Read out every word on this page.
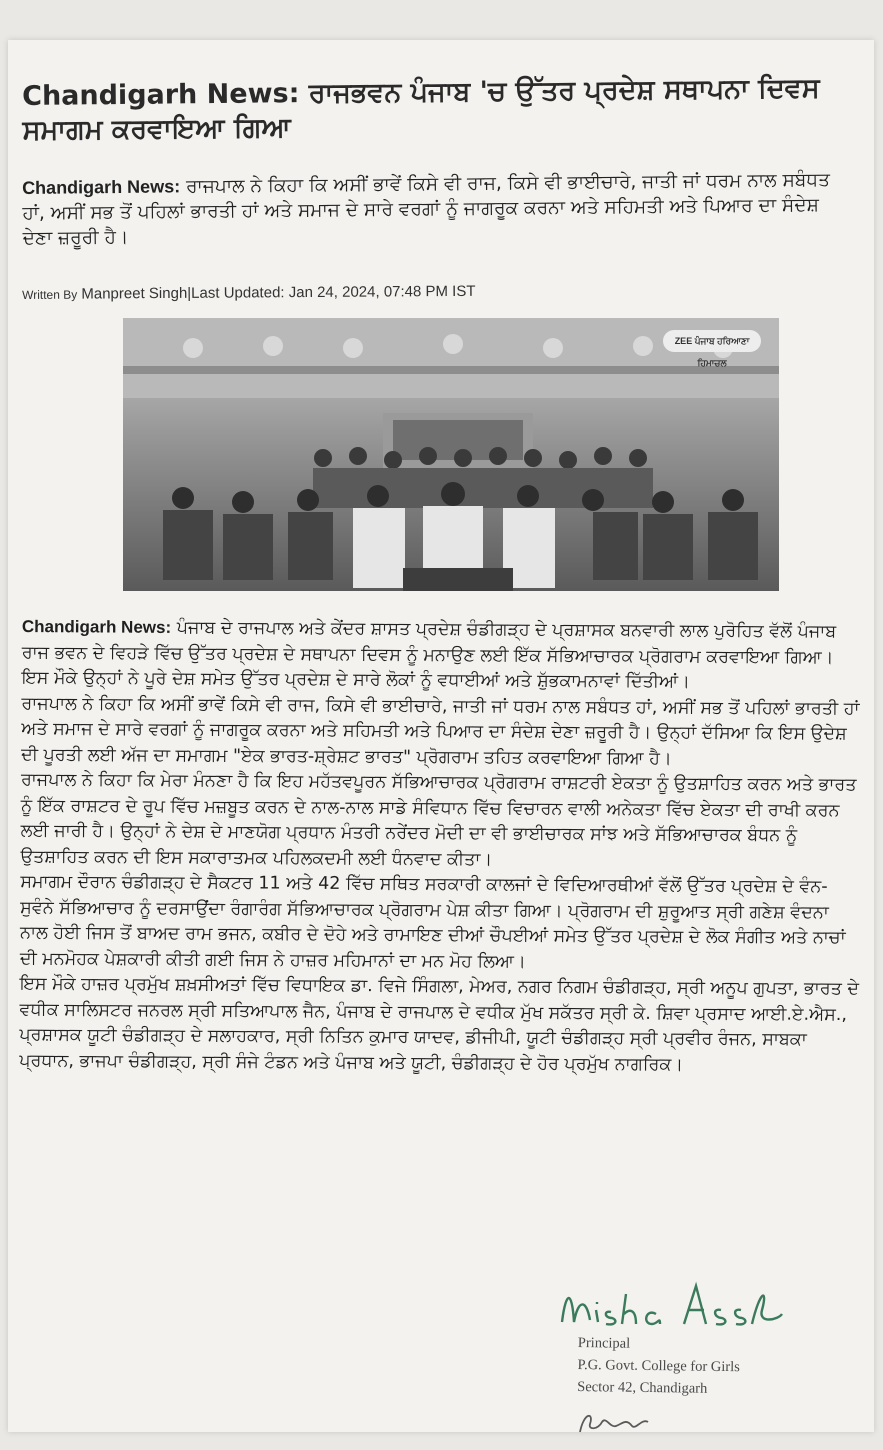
Chandigarh News: ਰਾਜਭਵਨ ਪੰਜਾਬ 'ਚ ਉੱਤਰ ਪ੍ਰਦੇਸ਼ ਸਥਾਪਨਾ ਦਿਵਸ ਸਮਾਗਮ ਕਰਵਾਇਆ ਗਿਆ
Chandigarh News: ਰਾਜਪਾਲ ਨੇ ਕਿਹਾ ਕਿ ਅਸੀਂ ਭਾਵੇਂ ਕਿਸੇ ਵੀ ਰਾਜ, ਕਿਸੇ ਵੀ ਭਾਈਚਾਰੇ, ਜਾਤੀ ਜਾਂ ਧਰਮ ਨਾਲ ਸਬੰਧਤ ਹਾਂ, ਅਸੀਂ ਸਭ ਤੋਂ ਪਹਿਲਾਂ ਭਾਰਤੀ ਹਾਂ ਅਤੇ ਸਮਾਜ ਦੇ ਸਾਰੇ ਵਰਗਾਂ ਨੂੰ ਜਾਗਰੂਕ ਕਰਨਾ ਅਤੇ ਸਹਿਮਤੀ ਅਤੇ ਪਿਆਰ ਦਾ ਸੰਦੇਸ਼ ਦੇਣਾ ਜ਼ਰੂਰੀ ਹੈ।
Written By Manpreet Singh|Last Updated: Jan 24, 2024, 07:48 PM IST
ZEE ਪੰਜਾਬ ਹਰਿਆਣਾ ਹਿਮਾਚਲ

Chandigarh News: ਪੰਜਾਬ ਦੇ ਰਾਜਪਾਲ ਅਤੇ ਕੇਂਦਰ ਸ਼ਾਸਤ ਪ੍ਰਦੇਸ਼ ਚੰਡੀਗੜ੍ਹ ਦੇ ਪ੍ਰਸ਼ਾਸਕ ਬਨਵਾਰੀ ਲਾਲ ਪੁਰੋਹਿਤ ਵੱਲੋਂ ਪੰਜਾਬ ਰਾਜ ਭਵਨ ਦੇ ਵਿਹੜੇ ਵਿੱਚ ਉੱਤਰ ਪ੍ਰਦੇਸ਼ ਦੇ ਸਥਾਪਨਾ ਦਿਵਸ ਨੂੰ ਮਨਾਉਣ ਲਈ ਇੱਕ ਸੱਭਿਆਚਾਰਕ ਪ੍ਰੋਗਰਾਮ ਕਰਵਾਇਆ ਗਿਆ। ਇਸ ਮੌਕੇ ਉਨ੍ਹਾਂ ਨੇ ਪੂਰੇ ਦੇਸ਼ ਸਮੇਤ ਉੱਤਰ ਪ੍ਰਦੇਸ਼ ਦੇ ਸਾਰੇ ਲੋਕਾਂ ਨੂੰ ਵਧਾਈਆਂ ਅਤੇ ਸ਼ੁੱਭਕਾਮਨਾਵਾਂ ਦਿੱਤੀਆਂ।

ਰਾਜਪਾਲ ਨੇ ਕਿਹਾ ਕਿ ਅਸੀਂ ਭਾਵੇਂ ਕਿਸੇ ਵੀ ਰਾਜ, ਕਿਸੇ ਵੀ ਭਾਈਚਾਰੇ, ਜਾਤੀ ਜਾਂ ਧਰਮ ਨਾਲ ਸਬੰਧਤ ਹਾਂ, ਅਸੀਂ ਸਭ ਤੋਂ ਪਹਿਲਾਂ ਭਾਰਤੀ ਹਾਂ ਅਤੇ ਸਮਾਜ ਦੇ ਸਾਰੇ ਵਰਗਾਂ ਨੂੰ ਜਾਗਰੂਕ ਕਰਨਾ ਅਤੇ ਸਹਿਮਤੀ ਅਤੇ ਪਿਆਰ ਦਾ ਸੰਦੇਸ਼ ਦੇਣਾ ਜ਼ਰੂਰੀ ਹੈ। ਉਨ੍ਹਾਂ ਦੱਸਿਆ ਕਿ ਇਸ ਉਦੇਸ਼ ਦੀ ਪੂਰਤੀ ਲਈ ਅੱਜ ਦਾ ਸਮਾਗਮ "ਏਕ ਭਾਰਤ-ਸ਼੍ਰੇਸ਼ਟ ਭਾਰਤ" ਪ੍ਰੋਗਰਾਮ ਤਹਿਤ ਕਰਵਾਇਆ ਗਿਆ ਹੈ।

ਰਾਜਪਾਲ ਨੇ ਕਿਹਾ ਕਿ ਮੇਰਾ ਮੰਨਣਾ ਹੈ ਕਿ ਇਹ ਮਹੱਤਵਪੂਰਨ ਸੱਭਿਆਚਾਰਕ ਪ੍ਰੋਗਰਾਮ ਰਾਸ਼ਟਰੀ ਏਕਤਾ ਨੂੰ ਉਤਸ਼ਾਹਿਤ ਕਰਨ ਅਤੇ ਭਾਰਤ ਨੂੰ ਇੱਕ ਰਾਸ਼ਟਰ ਦੇ ਰੂਪ ਵਿੱਚ ਮਜ਼ਬੂਤ ਕਰਨ ਦੇ ਨਾਲ-ਨਾਲ ਸਾਡੇ ਸੰਵਿਧਾਨ ਵਿੱਚ ਵਿਚਾਰਨ ਵਾਲੀ ਅਨੇਕਤਾ ਵਿੱਚ ਏਕਤਾ ਦੀ ਰਾਖੀ ਕਰਨ ਲਈ ਜਾਰੀ ਹੈ। ਉਨ੍ਹਾਂ ਨੇ ਦੇਸ਼ ਦੇ ਮਾਣਯੋਗ ਪ੍ਰਧਾਨ ਮੰਤਰੀ ਨਰੇਂਦਰ ਮੋਦੀ ਦਾ ਵੀ ਭਾਈਚਾਰਕ ਸਾਂਝ ਅਤੇ ਸੱਭਿਆਚਾਰਕ ਬੰਧਨ ਨੂੰ ਉਤਸ਼ਾਹਿਤ ਕਰਨ ਦੀ ਇਸ ਸਕਾਰਾਤਮਕ ਪਹਿਲਕਦਮੀ ਲਈ ਧੰਨਵਾਦ ਕੀਤਾ।

ਸਮਾਗਮ ਦੌਰਾਨ ਚੰਡੀਗੜ੍ਹ ਦੇ ਸੈਕਟਰ 11 ਅਤੇ 42 ਵਿੱਚ ਸਥਿਤ ਸਰਕਾਰੀ ਕਾਲਜਾਂ ਦੇ ਵਿਦਿਆਰਥੀਆਂ ਵੱਲੋਂ ਉੱਤਰ ਪ੍ਰਦੇਸ਼ ਦੇ ਵੰਨ-ਸੁਵੰਨੇ ਸੱਭਿਆਚਾਰ ਨੂੰ ਦਰਸਾਉਂਦਾ ਰੰਗਾਰੰਗ ਸੱਭਿਆਚਾਰਕ ਪ੍ਰੋਗਰਾਮ ਪੇਸ਼ ਕੀਤਾ ਗਿਆ। ਪ੍ਰੋਗਰਾਮ ਦੀ ਸ਼ੁਰੂਆਤ ਸ੍ਰੀ ਗਣੇਸ਼ ਵੰਦਨਾ ਨਾਲ ਹੋਈ ਜਿਸ ਤੋਂ ਬਾਅਦ ਰਾਮ ਭਜਨ, ਕਬੀਰ ਦੇ ਦੋਹੇ ਅਤੇ ਰਾਮਾਇਣ ਦੀਆਂ ਚੌਪਈਆਂ ਸਮੇਤ ਉੱਤਰ ਪ੍ਰਦੇਸ਼ ਦੇ ਲੋਕ ਸੰਗੀਤ ਅਤੇ ਨਾਚਾਂ ਦੀ ਮਨਮੋਹਕ ਪੇਸ਼ਕਾਰੀ ਕੀਤੀ ਗਈ ਜਿਸ ਨੇ ਹਾਜ਼ਰ ਮਹਿਮਾਨਾਂ ਦਾ ਮਨ ਮੋਹ ਲਿਆ।

ਇਸ ਮੌਕੇ ਹਾਜ਼ਰ ਪ੍ਰਮੁੱਖ ਸ਼ਖ਼ਸੀਅਤਾਂ ਵਿੱਚ ਵਿਧਾਇਕ ਡਾ. ਵਿਜੇ ਸਿੰਗਲਾ, ਮੇਅਰ, ਨਗਰ ਨਿਗਮ ਚੰਡੀਗੜ੍ਹ, ਸ੍ਰੀ ਅਨੂਪ ਗੁਪਤਾ, ਭਾਰਤ ਦੇ ਵਧੀਕ ਸਾਲਿਸਟਰ ਜਨਰਲ ਸ੍ਰੀ ਸਤਿਆਪਾਲ ਜੈਨ, ਪੰਜਾਬ ਦੇ ਰਾਜਪਾਲ ਦੇ ਵਧੀਕ ਮੁੱਖ ਸਕੱਤਰ ਸ੍ਰੀ ਕੇ. ਸ਼ਿਵਾ ਪ੍ਰਸਾਦ ਆਈ.ਏ.ਐਸ., ਪ੍ਰਸ਼ਾਸਕ ਯੂਟੀ ਚੰਡੀਗੜ੍ਹ ਦੇ ਸਲਾਹਕਾਰ, ਸ੍ਰੀ ਨਿਤਿਨ ਕੁਮਾਰ ਯਾਦਵ, ਡੀਜੀਪੀ, ਯੂਟੀ ਚੰਡੀਗੜ੍ਹ ਸ੍ਰੀ ਪ੍ਰਵੀਰ ਰੰਜਨ, ਸਾਬਕਾ ਪ੍ਰਧਾਨ, ਭਾਜਪਾ ਚੰਡੀਗੜ੍ਹ, ਸ੍ਰੀ ਸੰਜੇ ਟੰਡਨ ਅਤੇ ਪੰਜਾਬ ਅਤੇ ਯੂਟੀ, ਚੰਡੀਗੜ੍ਹ ਦੇ ਹੋਰ ਪ੍ਰਮੁੱਖ ਨਾਗਰਿਕ।

Principal
P.G. Govt. College for Girls
Sector 42, Chandigarh
